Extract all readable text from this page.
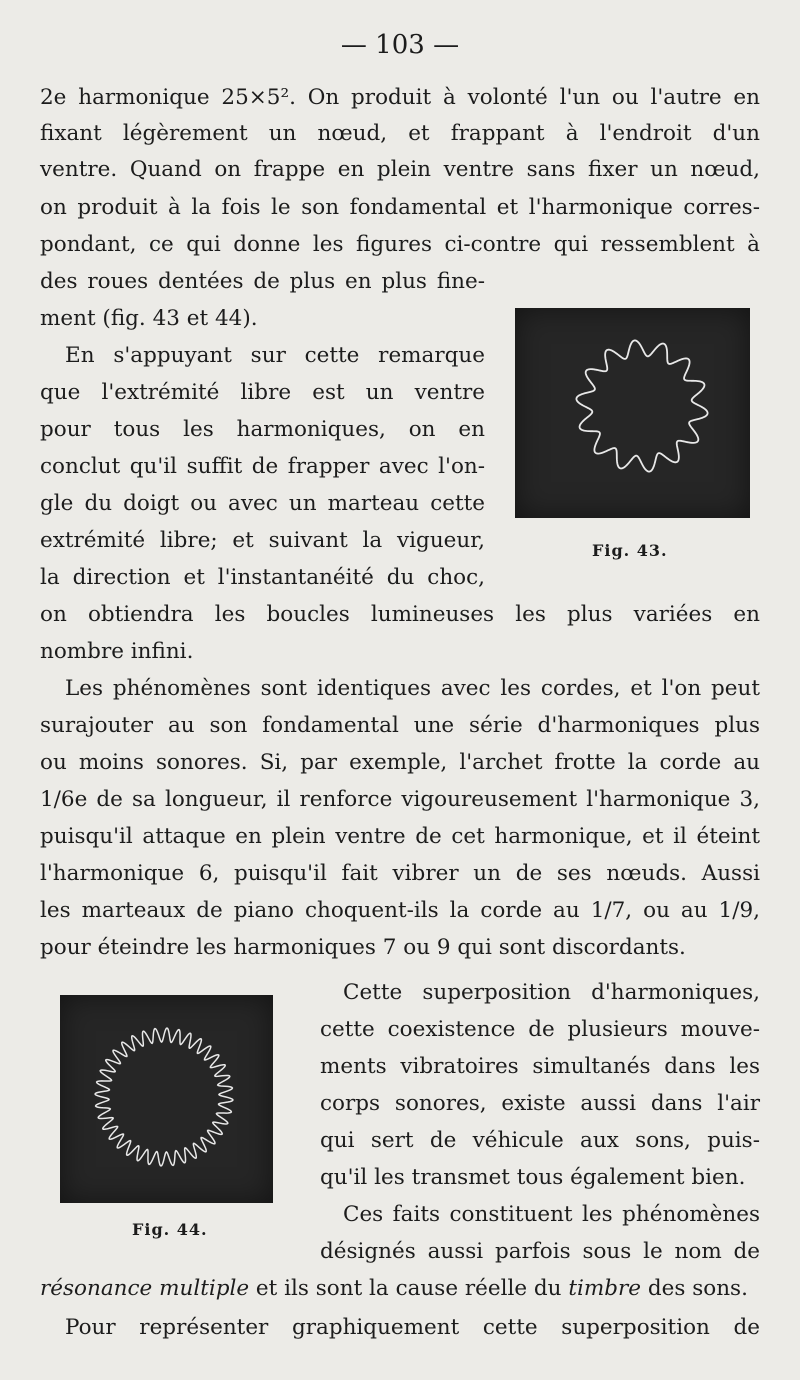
— 103 —
2e harmonique 25×5². On produit à volonté l'un ou l'autre en
fixant légèrement un nœud, et frappant à l'endroit d'un
ventre. Quand on frappe en plein ventre sans fixer un nœud,
on produit à la fois le son fondamental et l'harmonique corres-
pondant, ce qui donne les figures ci-contre qui ressemblent à
des roues dentées de plus en plus fine-
ment (fig. 43 et 44).
En s'appuyant sur cette remarque
que l'extrémité libre est un ventre
pour tous les harmoniques, on en
conclut qu'il suffit de frapper avec l'on-
gle du doigt ou avec un marteau cette
extrémité libre; et suivant la vigueur,
la direction et l'instantanéité du choc,
on obtiendra les boucles lumineuses les plus variées en
nombre infini.
Fig. 43.
Les phénomènes sont identiques avec les cordes, et l'on peut
surajouter au son fondamental une série d'harmoniques plus
ou moins sonores. Si, par exemple, l'archet frotte la corde au
1/6e de sa longueur, il renforce vigoureusement l'harmonique 3,
puisqu'il attaque en plein ventre de cet harmonique, et il éteint
l'harmonique 6, puisqu'il fait vibrer un de ses nœuds. Aussi
les marteaux de piano choquent-ils la corde au 1/7, ou au 1/9,
pour éteindre les harmoniques 7 ou 9 qui sont discordants.
Fig. 44.
Cette superposition d'harmoniques,
cette coexistence de plusieurs mouve-
ments vibratoires simultanés dans les
corps sonores, existe aussi dans l'air
qui sert de véhicule aux sons, puis-
qu'il les transmet tous également bien.
Ces faits constituent les phénomènes
désignés aussi parfois sous le nom de
résonance multiple et ils sont la cause réelle du timbre des sons.
Pour représenter graphiquement cette superposition de
